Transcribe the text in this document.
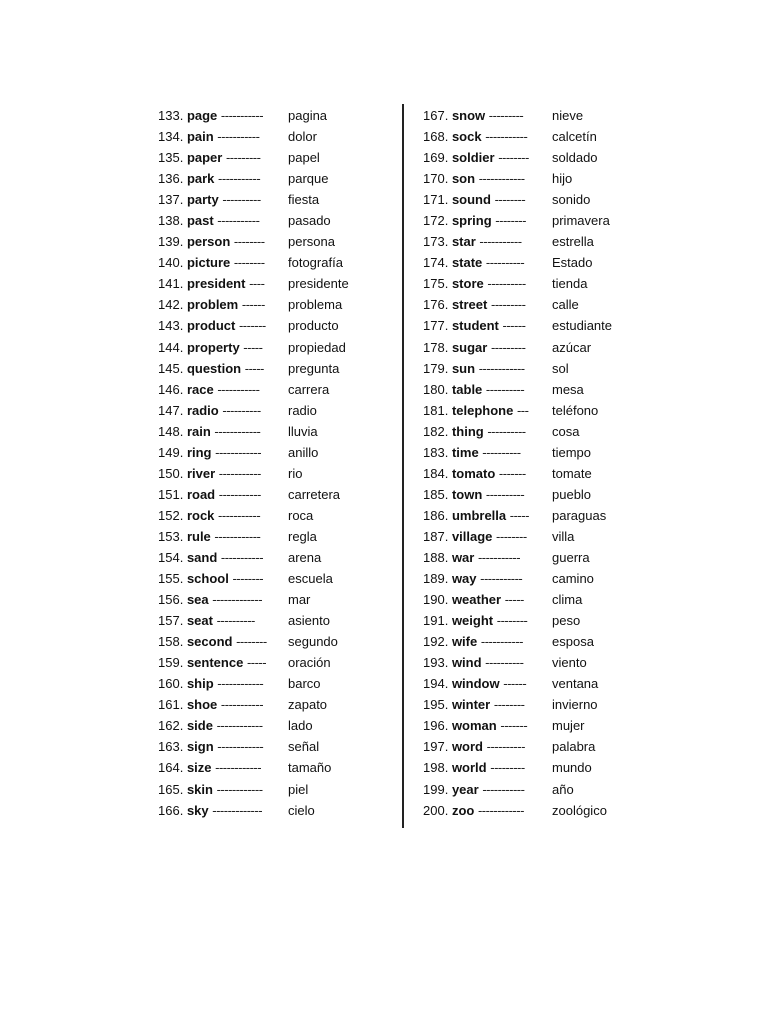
133. page ----------- pagina
134. pain ----------- dolor
135. paper --------- papel
136. park ----------- parque
137. party ---------- fiesta
138. past ----------- pasado
139. person -------- persona
140. picture -------- fotografía
141. president ---- presidente
142. problem ------ problema
143. product ------- producto
144. property ----- propiedad
145. question ----- pregunta
146. race ----------- carrera
147. radio ---------- radio
148. rain ------------ lluvia
149. ring ------------ anillo
150. river ----------- rio
151. road ----------- carretera
152. rock ----------- roca
153. rule ------------ regla
154. sand ----------- arena
155. school -------- escuela
156. sea ------------- mar
157. seat ----------	asiento
158. second -------- segundo
159. sentence ----- oración
160. ship ------------ barco
161. shoe ----------- zapato
162. side ------------ lado
163. sign ------------ señal
164. size ------------ tamaño
165. skin ------------ piel
166. sky ------------- cielo
167. snow --------- nieve
168. sock ----------- calcetín
169. soldier -------- soldado
170. son ------------ hijo
171. sound -------- sonido
172. spring -------- primavera
173. star ----------- estrella
174. state ---------- Estado
175. store ---------- tienda
176. street --------- calle
177. student ------ estudiante
178. sugar --------- azúcar
179. sun ------------ sol
180. table ---------- mesa
181. telephone --- teléfono
182. thing ---------- cosa
183. time ---------- tiempo
184. tomato ------- tomate
185. town ---------- pueblo
186. umbrella ----- paraguas
187. village -------- villa
188. war ----------- guerra
189. way ----------- camino
190. weather ----- clima
191. weight -------- peso
192. wife ----------- esposa
193. wind ---------- viento
194. window ------ ventana
195. winter -------- invierno
196. woman ------- mujer
197. word ---------- palabra
198. world --------- mundo
199. year ----------- año
200. zoo ------------ zoológico
